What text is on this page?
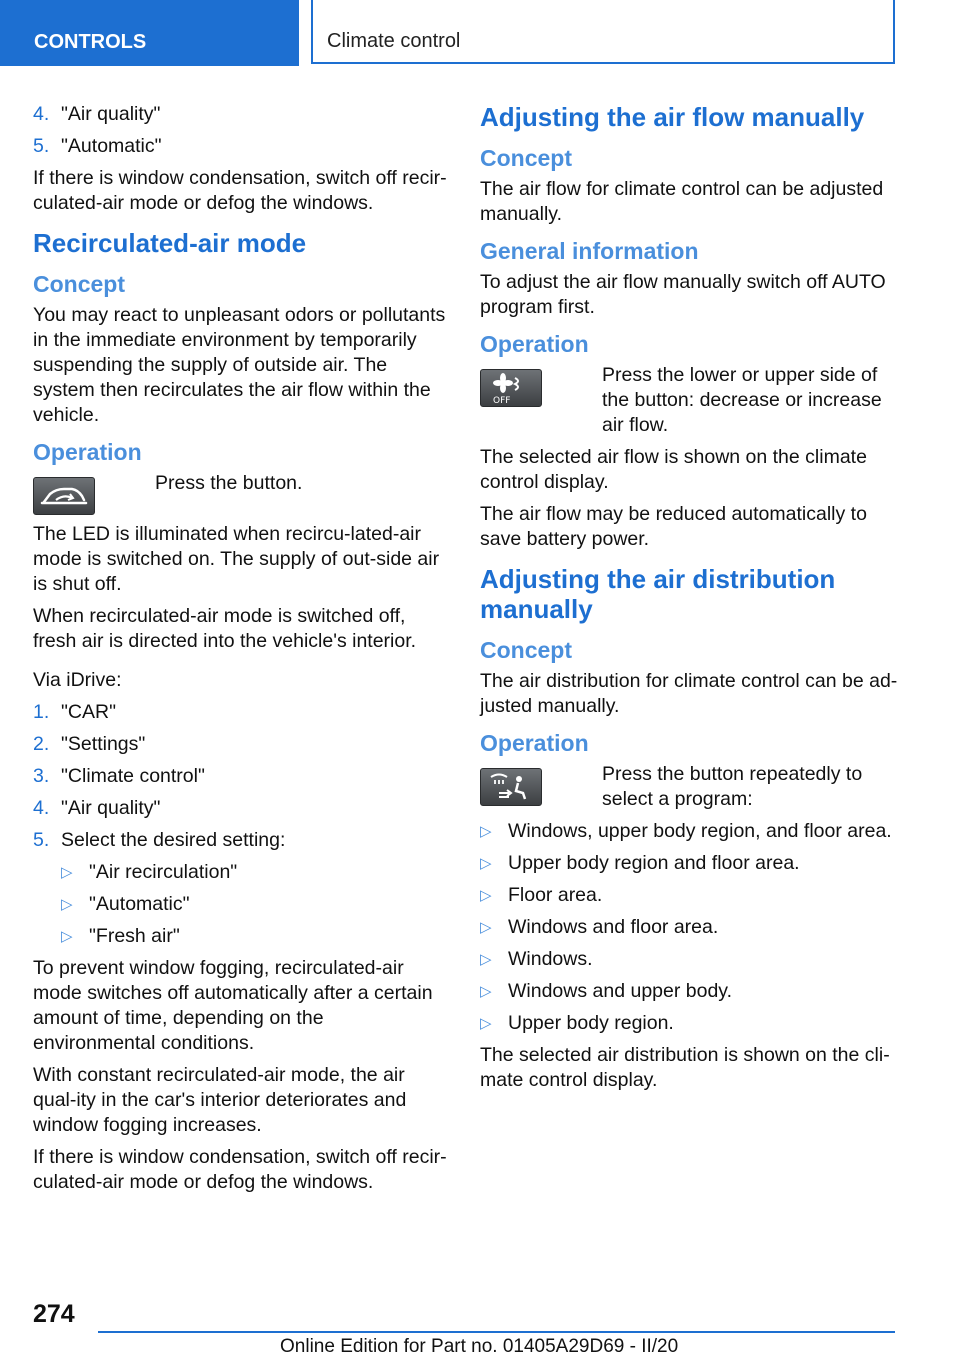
CONTROLS	Climate control
4. "Air quality"
5. "Automatic"

If there is window condensation, switch off recir-culated-air mode or defog the windows.

Recirculated-air mode
Concept

You may react to unpleasant odors or pollutants in the immediate environment by temporarily suspending the supply of outside air. The system then recirculates the air flow within the vehicle.

Operation

Press the button.

The LED is illuminated when recircu-lated-air mode is switched on. The supply of out-side air is shut off.

When recirculated-air mode is switched off, fresh air is directed into the vehicle's interior.

Via iDrive:

1. "CAR"
2. "Settings"
3. "Climate control"
4. "Air quality"
5. Select the desired setting:
▷ "Air recirculation"
▷ "Automatic"
▷ "Fresh air"

To prevent window fogging, recirculated-air mode switches off automatically after a certain amount of time, depending on the environmental conditions.

With constant recirculated-air mode, the air qual-ity in the car's interior deteriorates and window fogging increases.

If there is window condensation, switch off recir-culated-air mode or defog the windows.

Adjusting the air flow manually
Concept

The air flow for climate control can be adjusted manually.

General information

To adjust the air flow manually switch off AUTO program first.

Operation
OFF

Press the lower or upper side of the button: decrease or increase air flow.

The selected air flow is shown on the climate control display.

The air flow may be reduced automatically to save battery power.

Adjusting the air distribution manually
Concept

The air distribution for climate control can be ad-justed manually.

Operation

Press the button repeatedly to select a program:

▷ Windows, upper body region, and floor area.
▷ Upper body region and floor area.
▷ Floor area.
▷ Windows and floor area.
▷ Windows.
▷ Windows and upper body.
▷ Upper body region.

The selected air distribution is shown on the cli-mate control display.

274
Online Edition for Part no. 01405A29D69 - II/20
